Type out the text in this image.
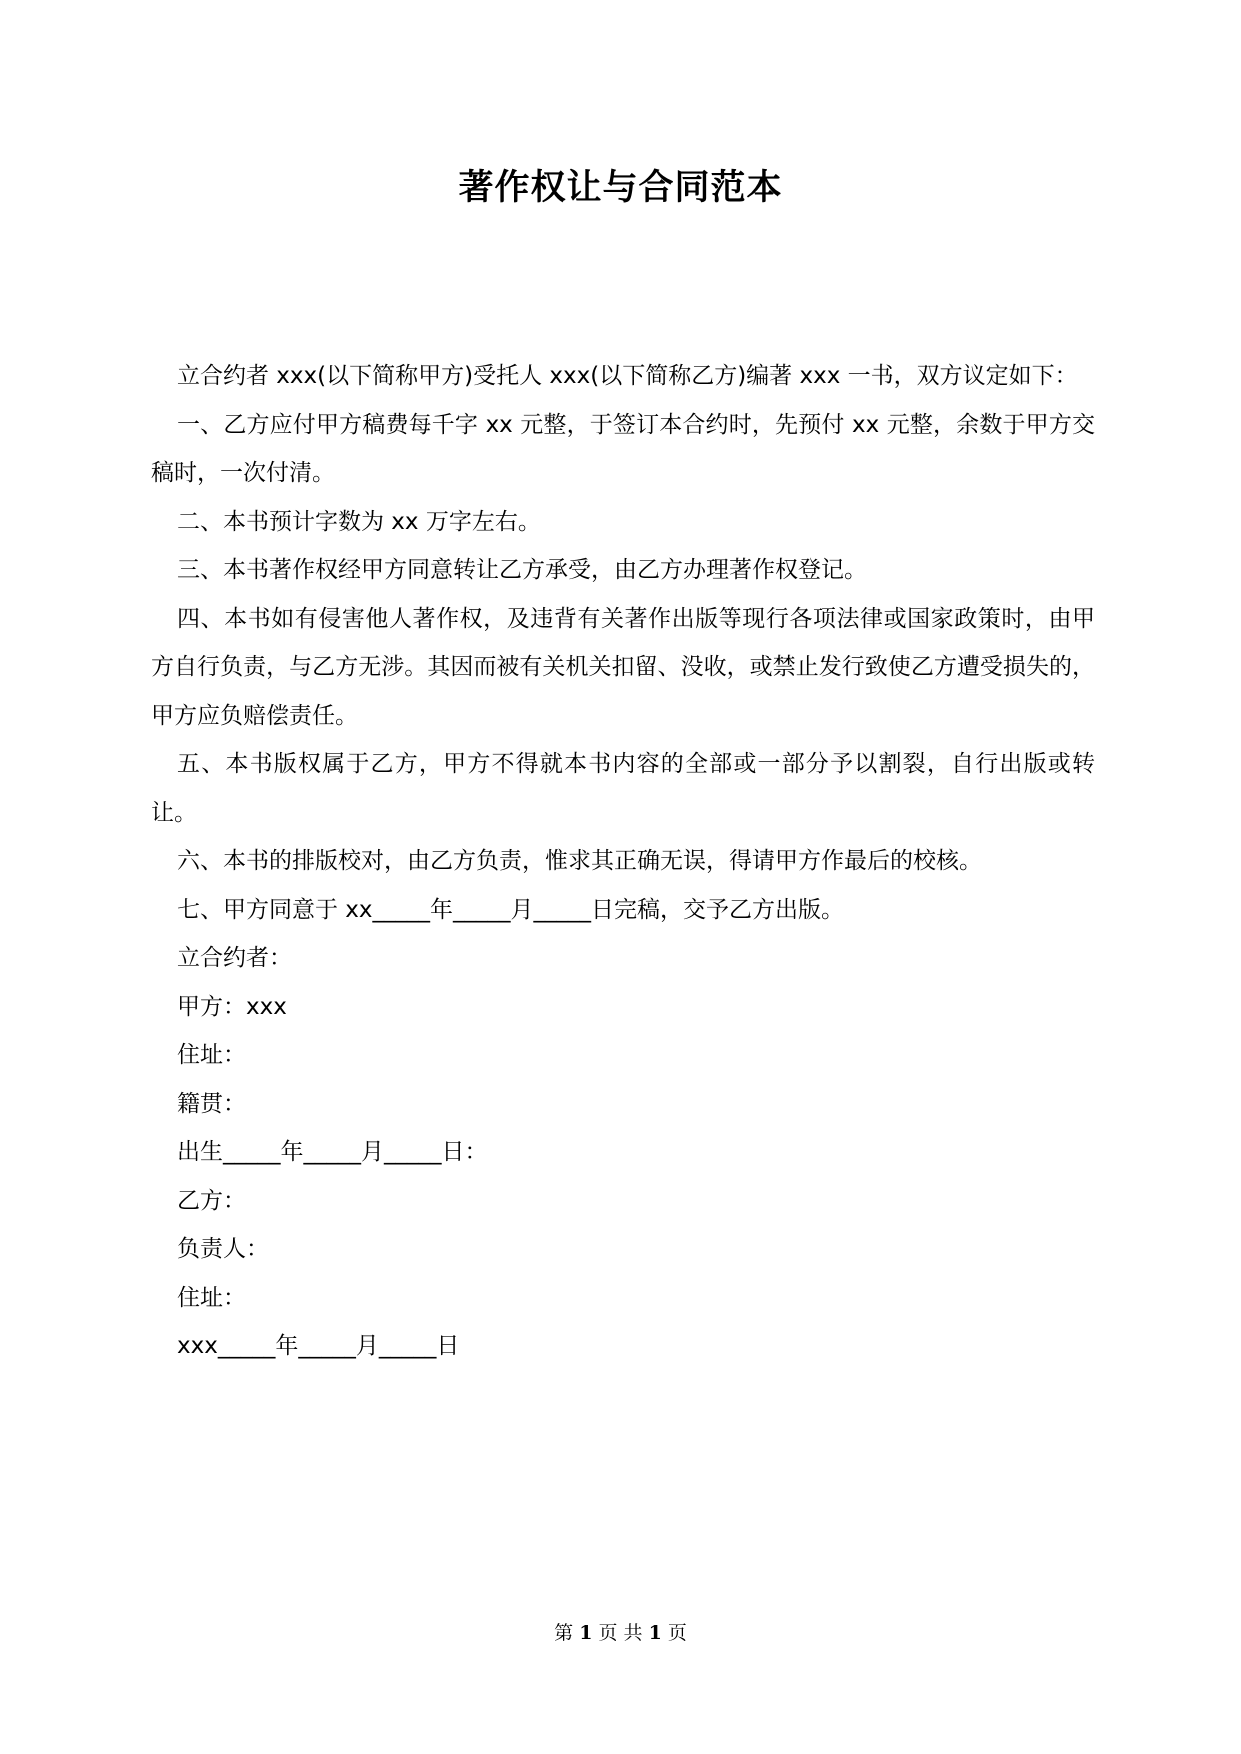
著作权让与合同范本

立合约者 xxx(以下简称甲方)受托人 xxx(以下简称乙方)编著 xxx 一书，双方议定如下：

一、乙方应付甲方稿费每千字 xx 元整，于签订本合约时，先预付 xx 元整，余数于甲方交稿时，一次付清。

二、本书预计字数为 xx 万字左右。

三、本书著作权经甲方同意转让乙方承受，由乙方办理著作权登记。

四、本书如有侵害他人著作权，及违背有关著作出版等现行各项法律或国家政策时，由甲方自行负责，与乙方无涉。其因而被有关机关扣留、没收，或禁止发行致使乙方遭受损失的，甲方应负赔偿责任。

五、本书版权属于乙方，甲方不得就本书内容的全部或一部分予以割裂，自行出版或转让。

六、本书的排版校对，由乙方负责，惟求其正确无误，得请甲方作最后的校核。

七、甲方同意于 xx_____年_____月_____日完稿，交予乙方出版。

立合约者：

甲方：xxx

住址：

籍贯：

出生_____年_____月_____日：

乙方：

负责人：

住址：

xxx_____年_____月_____日

第 1 页 共 1 页
